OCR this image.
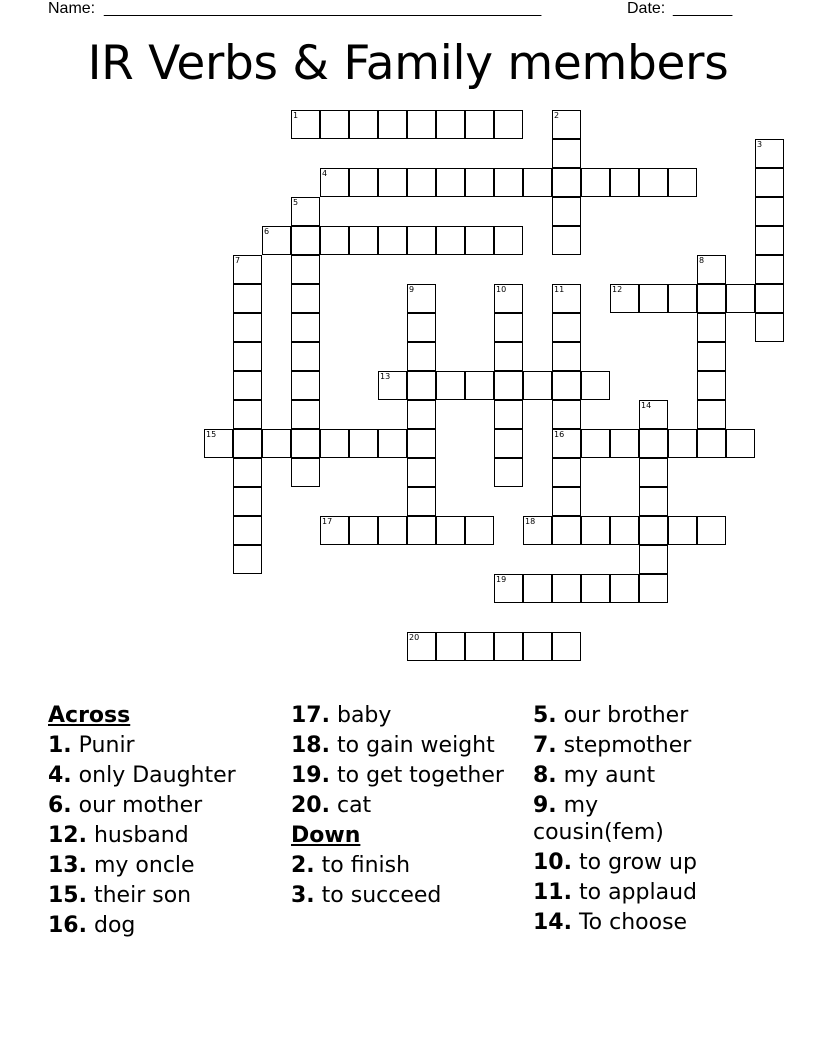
Name: ____________________________________________________	Date: _______
IR Verbs & Family members
1	2
3
4
5
6
7	8
9	10	11	12
13
14
15	16
17	18
19
20
Across
1. Punir
4. only Daughter
6. our mother
12. husband
13. my oncle
15. their son
16. dog
17. baby
18. to gain weight
19. to get together
20. cat
Down
2. to finish
3. to succeed
5. our brother
7. stepmother
8. my aunt
9. my cousin(fem)
10. to grow up
11. to applaud
14. To choose
